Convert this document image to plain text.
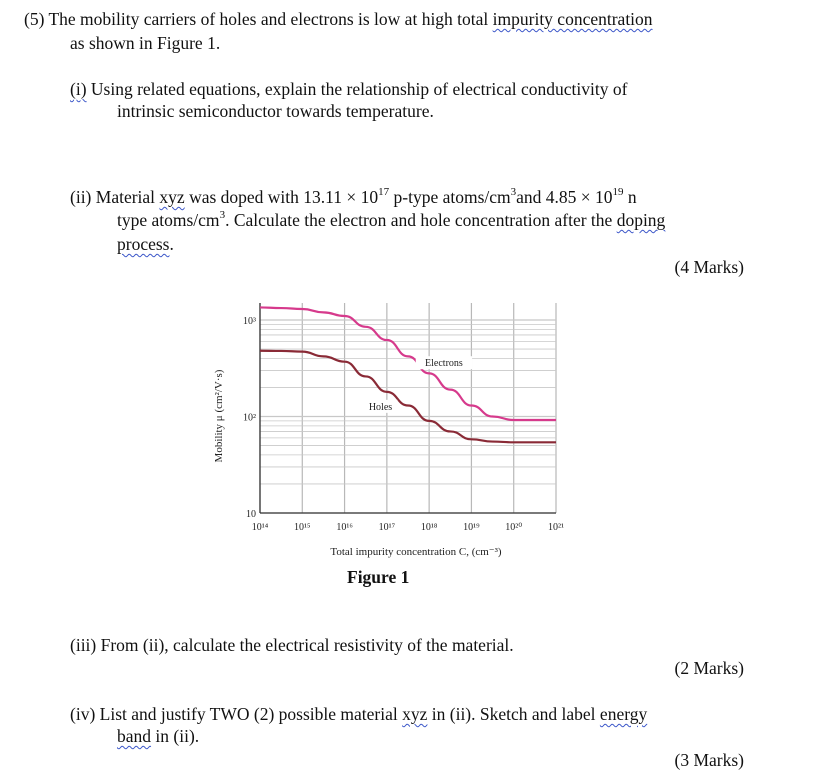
(5) The mobility carriers of holes and electrons is low at high total impurity concentration
as shown in Figure 1.
(i) Using related equations, explain the relationship of electrical conductivity of
intrinsic semiconductor towards temperature.
(ii) Material xyz was doped with $13.11 \times 10^{17}$ p-type atoms/$cm^3and$ $4.85 \times 10^{19}$ n
type atoms/$cm^3$. Calculate the electron and hole concentration after the doping
process.
(4 Marks)
Electrons
Holes
10¹⁴	10¹⁵	10¹⁶	10¹⁷	10¹⁸	10¹⁹	10²⁰	10²¹
10
10²
10³
Total impurity concentration C, (cm⁻³)
Mobility μ (cm²/V·s)
Figure 1
(iii) From (ii), calculate the electrical resistivity of the material.
(2 Marks)
(iv) List and justify TWO (2) possible material xyz in (ii). Sketch and label energy
band in (ii).
(3 Marks)
